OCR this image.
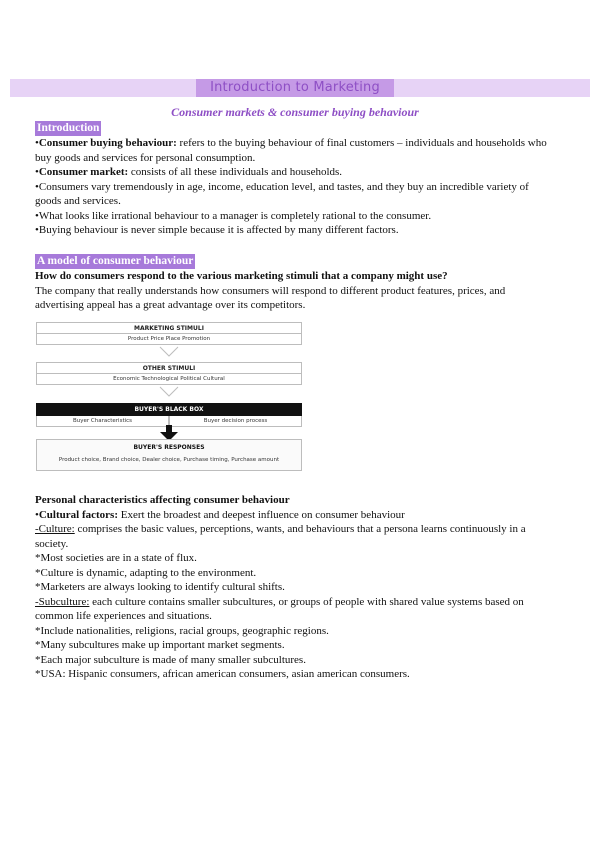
Introduction to Marketing
Consumer markets & consumer buying behaviour
Introduction

•Consumer buying behaviour: refers to the buying behaviour of final customers – individuals and households who buy goods and services for personal consumption.

•Consumer market: consists of all these individuals and households.

•Consumers vary tremendously in age, income, education level, and tastes, and they buy an incredible variety of goods and services.

•What looks like irrational behaviour to a manager is completely rational to the consumer.

•Buying behaviour is never simple because it is affected by many different factors.

A model of consumer behaviour

How do consumers respond to the various marketing stimuli that a company might use?

The company that really understands how consumers will respond to different product features, prices, and advertising appeal has a great advantage over its competitors.

MARKETING STIMULI
Product Price Place Promotion
OTHER STIMULI
Economic Technological Political Cultural
BUYER'S BLACK BOX
Buyer Characteristics	Buyer decision process
BUYER'S RESPONSES
Product choice, Brand choice, Dealer choice, Purchase timing, Purchase amount

Personal characteristics affecting consumer behaviour

•Cultural factors: Exert the broadest and deepest influence on consumer behaviour

-Culture: comprises the basic values, perceptions, wants, and behaviours that a persona learns continuously in a society.

*Most societies are in a state of flux.

*Culture is dynamic, adapting to the environment.

*Marketers are always looking to identify cultural shifts.

-Subculture: each culture contains smaller subcultures, or groups of people with shared value systems based on common life experiences and situations.

*Include nationalities, religions, racial groups, geographic regions.

*Many subcultures make up important market segments.

*Each major subculture is made of many smaller subcultures.

*USA: Hispanic consumers, african american consumers, asian american consumers.
